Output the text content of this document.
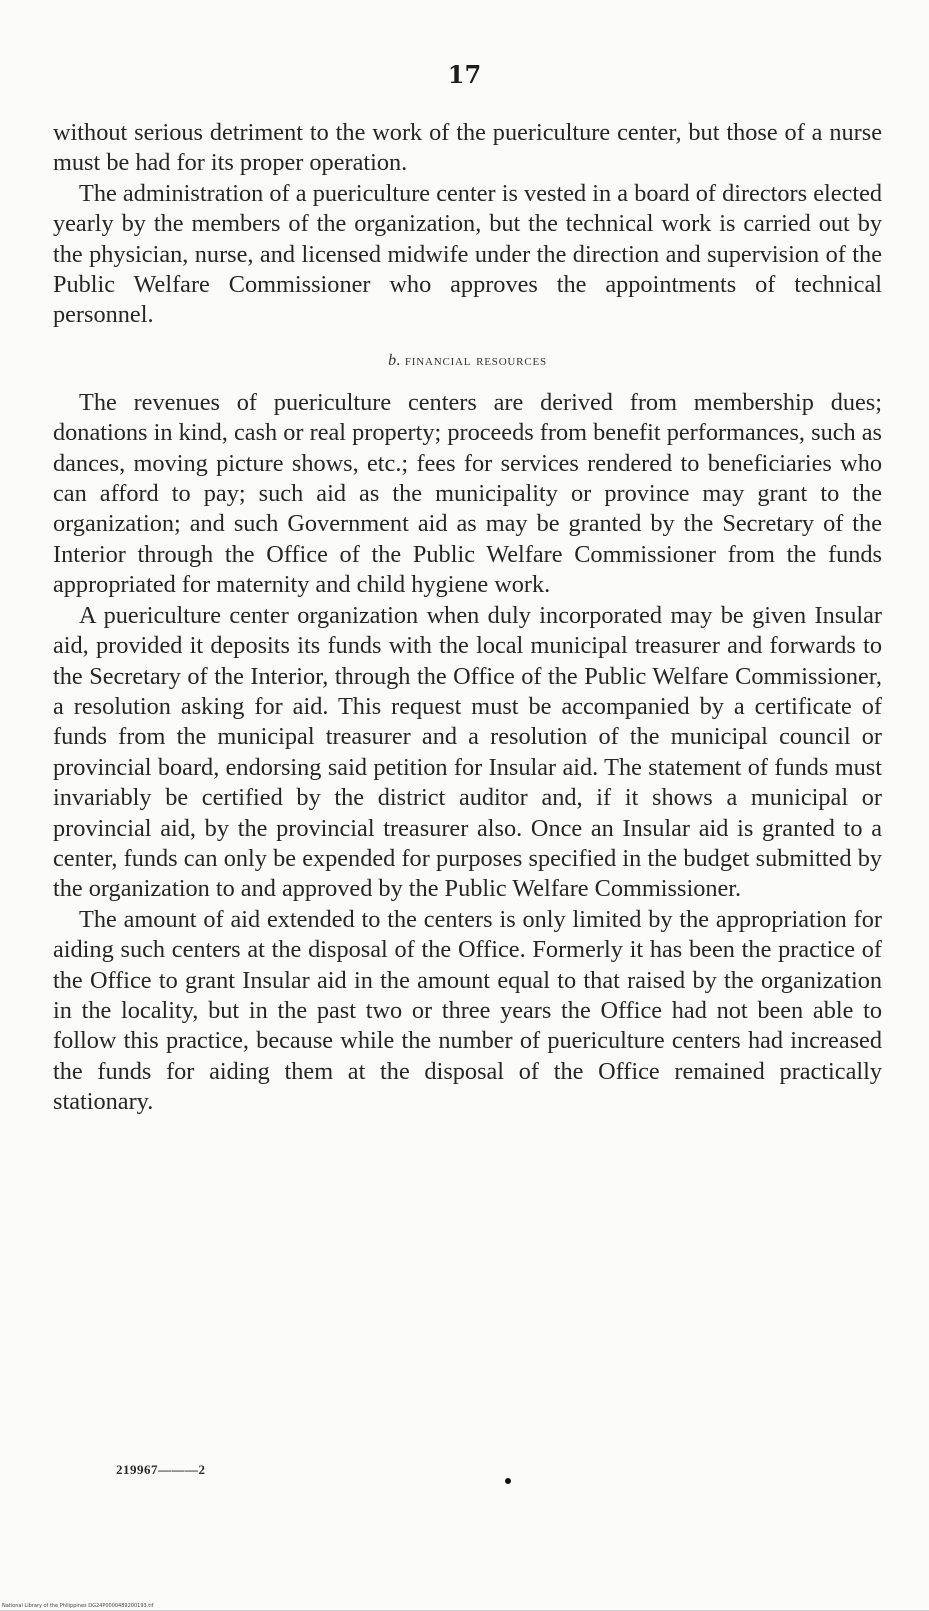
17

without serious detriment to the work of the puericulture center, but those of a nurse must be had for its proper operation.

The administration of a puericulture center is vested in a board of directors elected yearly by the members of the organization, but the technical work is carried out by the physician, nurse, and licensed midwife under the direction and supervision of the Public Welfare Commissioner who approves the appointments of technical personnel.

b. financial resources

The revenues of puericulture centers are derived from membership dues; donations in kind, cash or real property; proceeds from benefit performances, such as dances, moving picture shows, etc.; fees for services rendered to beneficiaries who can afford to pay; such aid as the municipality or province may grant to the organization; and such Government aid as may be granted by the Secretary of the Interior through the Office of the Public Welfare Commissioner from the funds appropriated for maternity and child hygiene work.

A puericulture center organization when duly incorporated may be given Insular aid, provided it deposits its funds with the local municipal treasurer and forwards to the Secretary of the Interior, through the Office of the Public Welfare Commissioner, a resolution asking for aid. This request must be accompanied by a certificate of funds from the municipal treasurer and a resolution of the municipal council or provincial board, endorsing said petition for Insular aid. The statement of funds must invariably be certified by the district auditor and, if it shows a municipal or provincial aid, by the provincial treasurer also. Once an Insular aid is granted to a center, funds can only be expended for purposes specified in the budget submitted by the organization to and approved by the Public Welfare Commissioner.

The amount of aid extended to the centers is only limited by the appropriation for aiding such centers at the disposal of the Office. Formerly it has been the practice of the Office to grant Insular aid in the amount equal to that raised by the organization in the locality, but in the past two or three years the Office had not been able to follow this practice, because while the number of puericulture centers had increased the funds for aiding them at the disposal of the Office remained practically stationary.

219967———2
National Library of the Philippines DG24P0000489200193.tif
